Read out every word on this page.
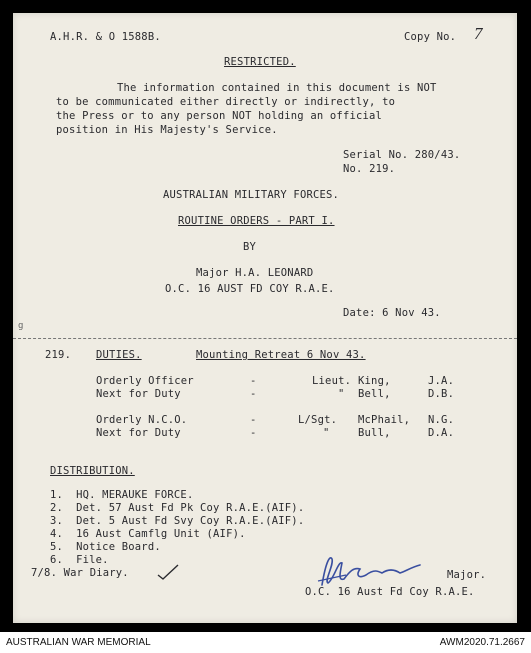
A.H.R. & O 1588B.	Copy No. 7
RESTRICTED.
The information contained in this document is NOT
to be communicated either directly or indirectly, to
the Press or to any person NOT holding an official
position in His Majesty's Service.
Serial No. 280/43.
No. 219.
AUSTRALIAN MILITARY FORCES.
ROUTINE ORDERS - PART I.
BY
Major H.A. LEONARD
O.C. 16 AUST FD COY R.A.E.
Date: 6 Nov 43.
g
219. DUTIES.	Mounting Retreat 6 Nov 43.
Orderly Officer	-	Lieut. King,	J.A.
Next for Duty	-	" Bell,	D.B.
Orderly N.C.O.	-	L/Sgt. McPhail, N.G.
Next for Duty	-	"	Bull,	D.A.
DISTRIBUTION.
1.  HQ. MERAUKE FORCE.
2.  Det. 57 Aust Fd Pk Coy R.A.E.(AIF).
3.  Det. 5 Aust Fd Svy Coy R.A.E.(AIF).
4.  16 Aust Camflg Unit (AIF).
5.  Notice Board.
6.  File.
7/8. War Diary.	Major.
O.C. 16 Aust Fd Coy R.A.E.
AUSTRALIAN WAR MEMORIAL	AWM2020.71.2667
